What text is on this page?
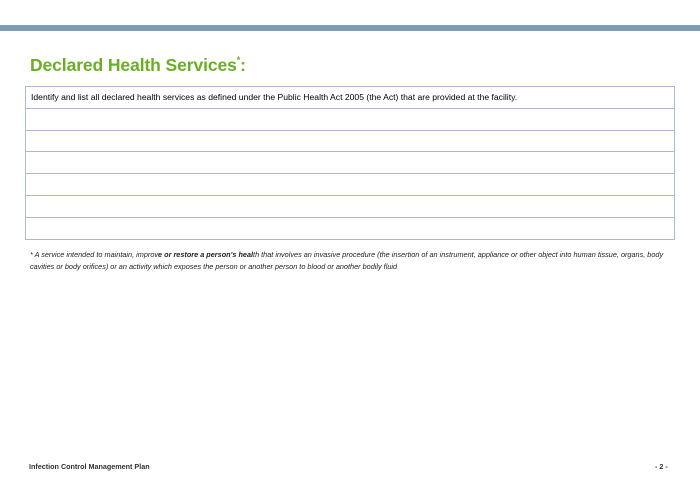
Declared Health Services*:
Identify and list all declared health services as defined under the Public Health Act 2005 (the Act) that are provided at the facility.

* A service intended to maintain, improve or restore a person's health that involves an invasive procedure (the insertion of an instrument, appliance or other object into human tissue, organs, body cavities or body orifices) or an activity which exposes the person or another person to blood or another bodily fluid
Infection Control Management Plan	- 2 -
